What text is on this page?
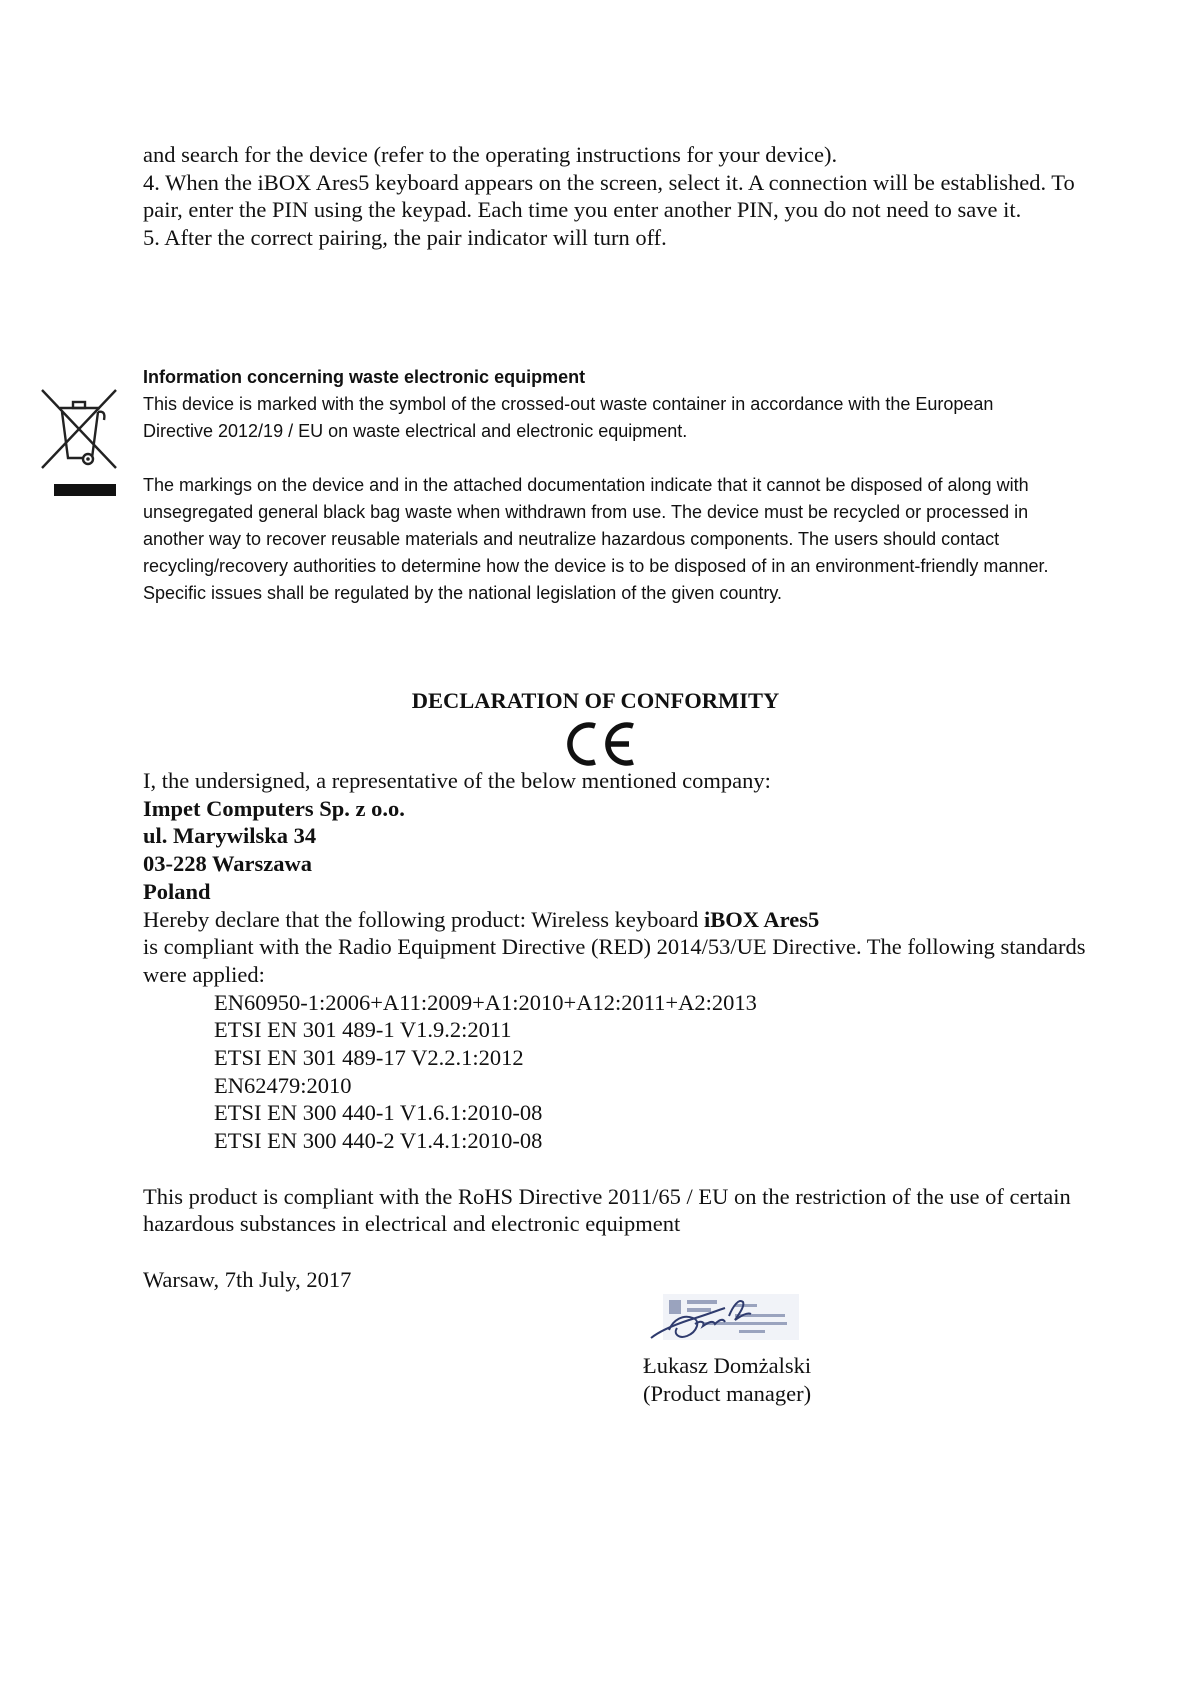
and search for the device (refer to the operating instructions for your device).

4. When the iBOX Ares5 keyboard appears on the screen, select it. A connection will be established. To pair, enter the PIN using the keypad. Each time you enter another PIN, you do not need to save it.

5. After the correct pairing, the pair indicator will turn off.

Information concerning waste electronic equipment

This device is marked with the symbol of the crossed-out waste container in accordance with the European Directive 2012/19 / EU on waste electrical and electronic equipment.

The markings on the device and in the attached documentation indicate that it cannot be disposed of along with unsegregated general black bag waste when withdrawn from use. The device must be recycled or processed in another way to recover reusable materials and neutralize hazardous components. The users should contact recycling/recovery authorities to determine how the device is to be disposed of in an environment-friendly manner.

Specific issues shall be regulated by the national legislation of the given country.

DECLARATION OF CONFORMITY

I, the undersigned, a representative of the below mentioned company:

Impet Computers Sp. z o.o.

ul. Marywilska 34

03-228 Warszawa

Poland

Hereby declare that the following product: Wireless keyboard iBOX Ares5

is compliant with the Radio Equipment Directive (RED) 2014/53/UE Directive. The following standards were applied:

EN60950-1:2006+A11:2009+A1:2010+A12:2011+A2:2013

ETSI EN 301 489-1 V1.9.2:2011

ETSI EN 301 489-17 V2.2.1:2012

EN62479:2010

ETSI EN 300 440-1 V1.6.1:2010-08

ETSI EN 300 440-2 V1.4.1:2010-08

This product is compliant with the RoHS Directive 2011/65 / EU on the restriction of the use of certain hazardous substances in electrical and electronic equipment

Warsaw, 7th July, 2017

Łukasz Domżalski

(Product manager)
